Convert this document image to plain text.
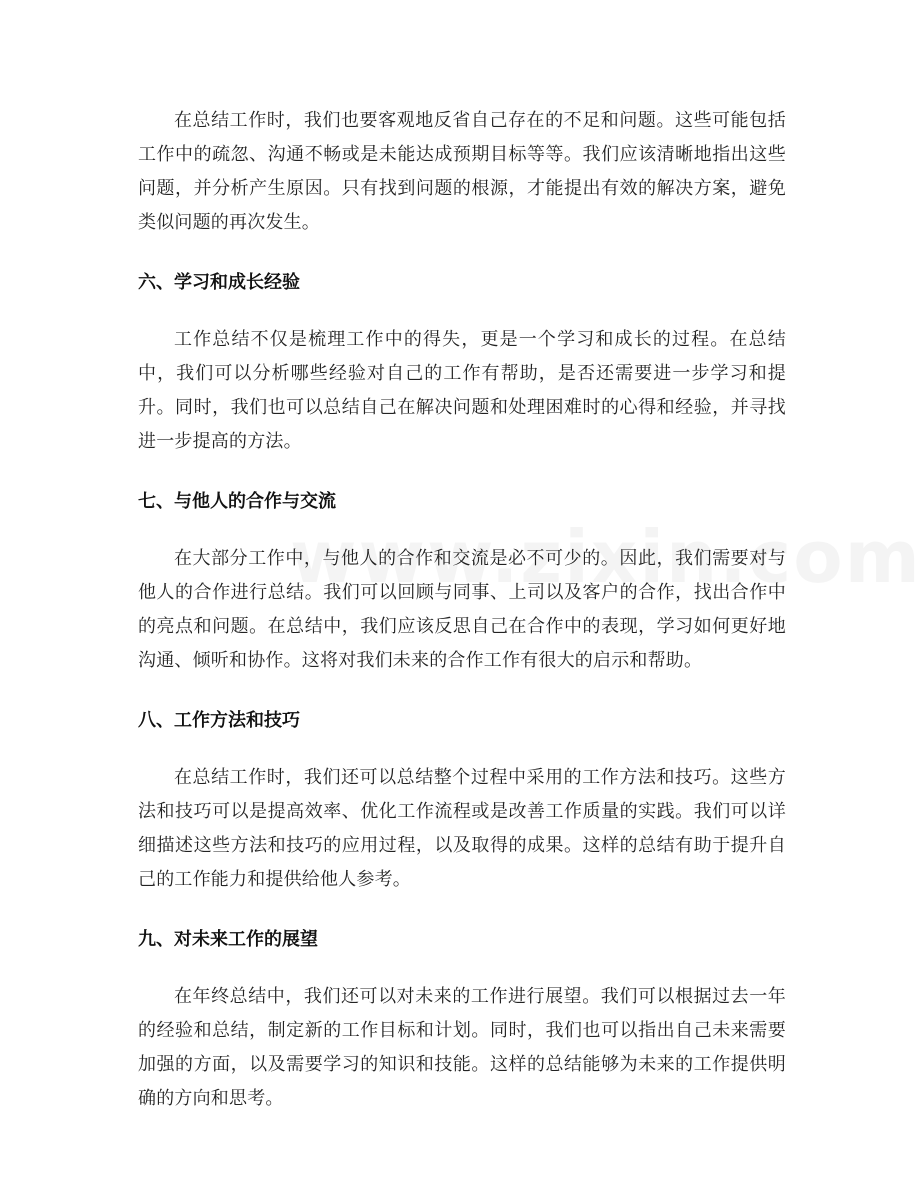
在总结工作时，我们也要客观地反省自己存在的不足和问题。这些可能包括工作中的疏忽、沟通不畅或是未能达成预期目标等等。我们应该清晰地指出这些问题，并分析产生原因。只有找到问题的根源，才能提出有效的解决方案，避免类似问题的再次发生。

六、学习和成长经验

工作总结不仅是梳理工作中的得失，更是一个学习和成长的过程。在总结中，我们可以分析哪些经验对自己的工作有帮助，是否还需要进一步学习和提升。同时，我们也可以总结自己在解决问题和处理困难时的心得和经验，并寻找进一步提高的方法。

七、与他人的合作与交流

在大部分工作中，与他人的合作和交流是必不可少的。因此，我们需要对与他人的合作进行总结。我们可以回顾与同事、上司以及客户的合作，找出合作中的亮点和问题。在总结中，我们应该反思自己在合作中的表现，学习如何更好地沟通、倾听和协作。这将对我们未来的合作工作有很大的启示和帮助。

八、工作方法和技巧

在总结工作时，我们还可以总结整个过程中采用的工作方法和技巧。这些方法和技巧可以是提高效率、优化工作流程或是改善工作质量的实践。我们可以详细描述这些方法和技巧的应用过程，以及取得的成果。这样的总结有助于提升自己的工作能力和提供给他人参考。

九、对未来工作的展望

在年终总结中，我们还可以对未来的工作进行展望。我们可以根据过去一年的经验和总结，制定新的工作目标和计划。同时，我们也可以指出自己未来需要加强的方面，以及需要学习的知识和技能。这样的总结能够为未来的工作提供明确的方向和思考。
